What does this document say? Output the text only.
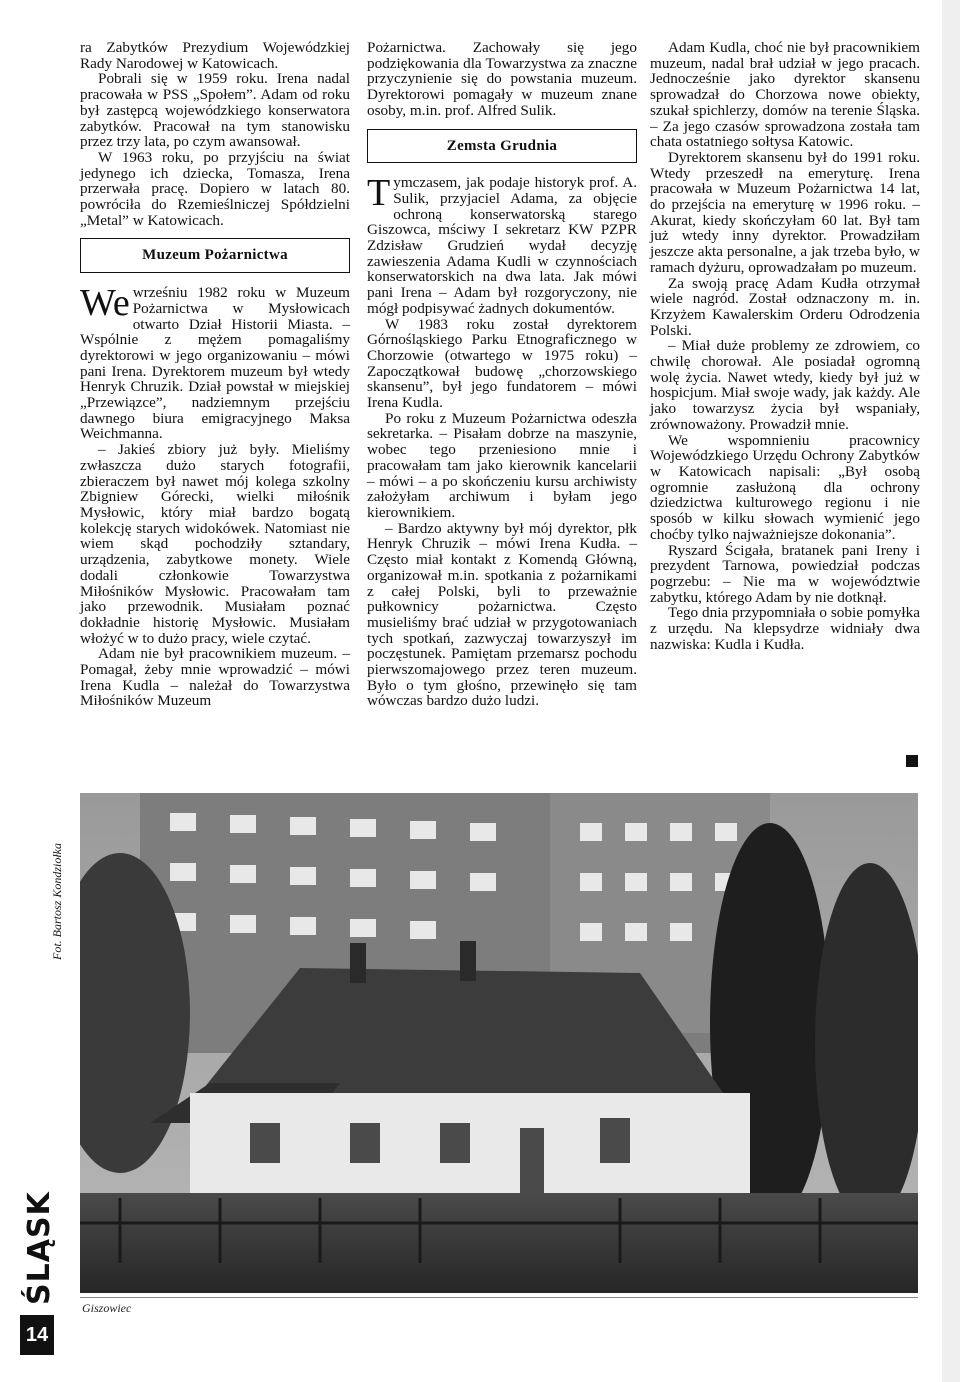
ra Zabytków Prezydium Wojewódzkiej Rady Narodowej w Katowicach.

Pobrali się w 1959 roku. Irena nadal pracowała w PSS „Społem”. Adam od roku był zastępcą wojewódzkiego konserwatora zabytków. Pracował na tym stanowisku przez trzy lata, po czym awansował.

W 1963 roku, po przyjściu na świat jedynego ich dziecka, Tomasza, Irena przerwała pracę. Dopiero w latach 80. powróciła do Rzemieślniczej Spółdzielni „Metal” w Katowicach.

Muzeum Pożarnictwa

We wrześniu 1982 roku w Muzeum Pożarnictwa w Mysłowicach otwarto Dział Historii Miasta. – Wspólnie z mężem pomagaliśmy dyrektorowi w jego organizowaniu – mówi pani Irena. Dyrektorem muzeum był wtedy Henryk Chruzik. Dział powstał w miejskiej „Przewiązce”, nadziemnym przejściu dawnego biura emigracyjnego Maksa Weichmanna.

– Jakieś zbiory już były. Mieliśmy zwłaszcza dużo starych fotografii, zbieraczem był nawet mój kolega szkolny Zbigniew Górecki, wielki miłośnik Mysłowic, który miał bardzo bogatą kolekcję starych widokówek. Natomiast nie wiem skąd pochodziły sztandary, urządzenia, zabytkowe monety. Wiele dodali członkowie Towarzystwa Miłośników Mysłowic. Pracowałam tam jako przewodnik. Musiałam poznać dokładnie historię Mysłowic. Musiałam włożyć w to dużo pracy, wiele czytać.

Adam nie był pracownikiem muzeum. – Pomagał, żeby mnie wprowadzić – mówi Irena Kudla – należał do Towarzystwa Miłośników Muzeum

Pożarnictwa. Zachowały się jego podziękowania dla Towarzystwa za znaczne przyczynienie się do powstania muzeum. Dyrektorowi pomagały w muzeum znane osoby, m.in. prof. Alfred Sulik.

Zemsta Grudnia

Tymczasem, jak podaje historyk prof. A. Sulik, przyjaciel Adama, za objęcie ochroną konserwatorską starego Giszowca, mściwy I sekretarz KW PZPR Zdzisław Grudzień wydał decyzję zawieszenia Adama Kudli w czynnościach konserwatorskich na dwa lata. Jak mówi pani Irena – Adam był rozgoryczony, nie mógł podpisywać żadnych dokumentów.

W 1983 roku został dyrektorem Górnośląskiego Parku Etnograficznego w Chorzowie (otwartego w 1975 roku) – Zapoczątkował budowę „chorzowskiego skansenu”, był jego fundatorem – mówi Irena Kudla.

Po roku z Muzeum Pożarnictwa odeszła sekretarka. – Pisałam dobrze na maszynie, wobec tego przeniesiono mnie i pracowałam tam jako kierownik kancelarii – mówi – a po skończeniu kursu archiwisty założyłam archiwum i byłam jego kierownikiem.

– Bardzo aktywny był mój dyrektor, płk Henryk Chruzik – mówi Irena Kudła. – Często miał kontakt z Komendą Główną, organizował m.in. spotkania z pożarnikami z całej Polski, byli to przeważnie pułkownicy pożarnictwa. Często musieliśmy brać udział w przygotowaniach tych spotkań, zazwyczaj towarzyszył im poczęstunek. Pamiętam przemarsz pochodu pierwszomajowego przez teren muzeum. Było o tym głośno, przewinęło się tam wówczas bardzo dużo ludzi.

Adam Kudla, choć nie był pracownikiem muzeum, nadal brał udział w jego pracach. Jednocześnie jako dyrektor skansenu sprowadzał do Chorzowa nowe obiekty, szukał spichlerzy, domów na terenie Śląska. – Za jego czasów sprowadzona została tam chata ostatniego sołtysa Katowic.

Dyrektorem skansenu był do 1991 roku. Wtedy przeszedł na emeryturę. Irena pracowała w Muzeum Pożarnictwa 14 lat, do przejścia na emeryturę w 1996 roku. – Akurat, kiedy skończyłam 60 lat. Był tam już wtedy inny dyrektor. Prowadziłam jeszcze akta personalne, a jak trzeba było, w ramach dyżuru, oprowadzałam po muzeum.

Za swoją pracę Adam Kudła otrzymał wiele nagród. Został odznaczony m. in. Krzyżem Kawalerskim Orderu Odrodzenia Polski.

– Miał duże problemy ze zdrowiem, co chwilę chorował. Ale posiadał ogromną wolę życia. Nawet wtedy, kiedy był już w hospicjum. Miał swoje wady, jak każdy. Ale jako towarzysz życia był wspaniały, zrównoważony. Prowadził mnie.

We wspomnieniu pracownicy Wojewódzkiego Urzędu Ochrony Zabytków w Katowicach napisali: „Był osobą ogromnie zasłużoną dla ochrony dziedzictwa kulturowego regionu i nie sposób w kilku słowach wymienić jego choćby tylko najważniejsze dokonania”.

Ryszard Ścigała, bratanek pani Ireny i prezydent Tarnowa, powiedział podczas pogrzebu: – Nie ma w województwie zabytku, którego Adam by nie dotknął.

Tego dnia przypomniała o sobie pomyłka z urzędu. Na klepsydrze widniały dwa nazwiska: Kudla i Kudła.

Fot. Bartosz Kondziołka
Giszowiec
ŚLĄSK
14
